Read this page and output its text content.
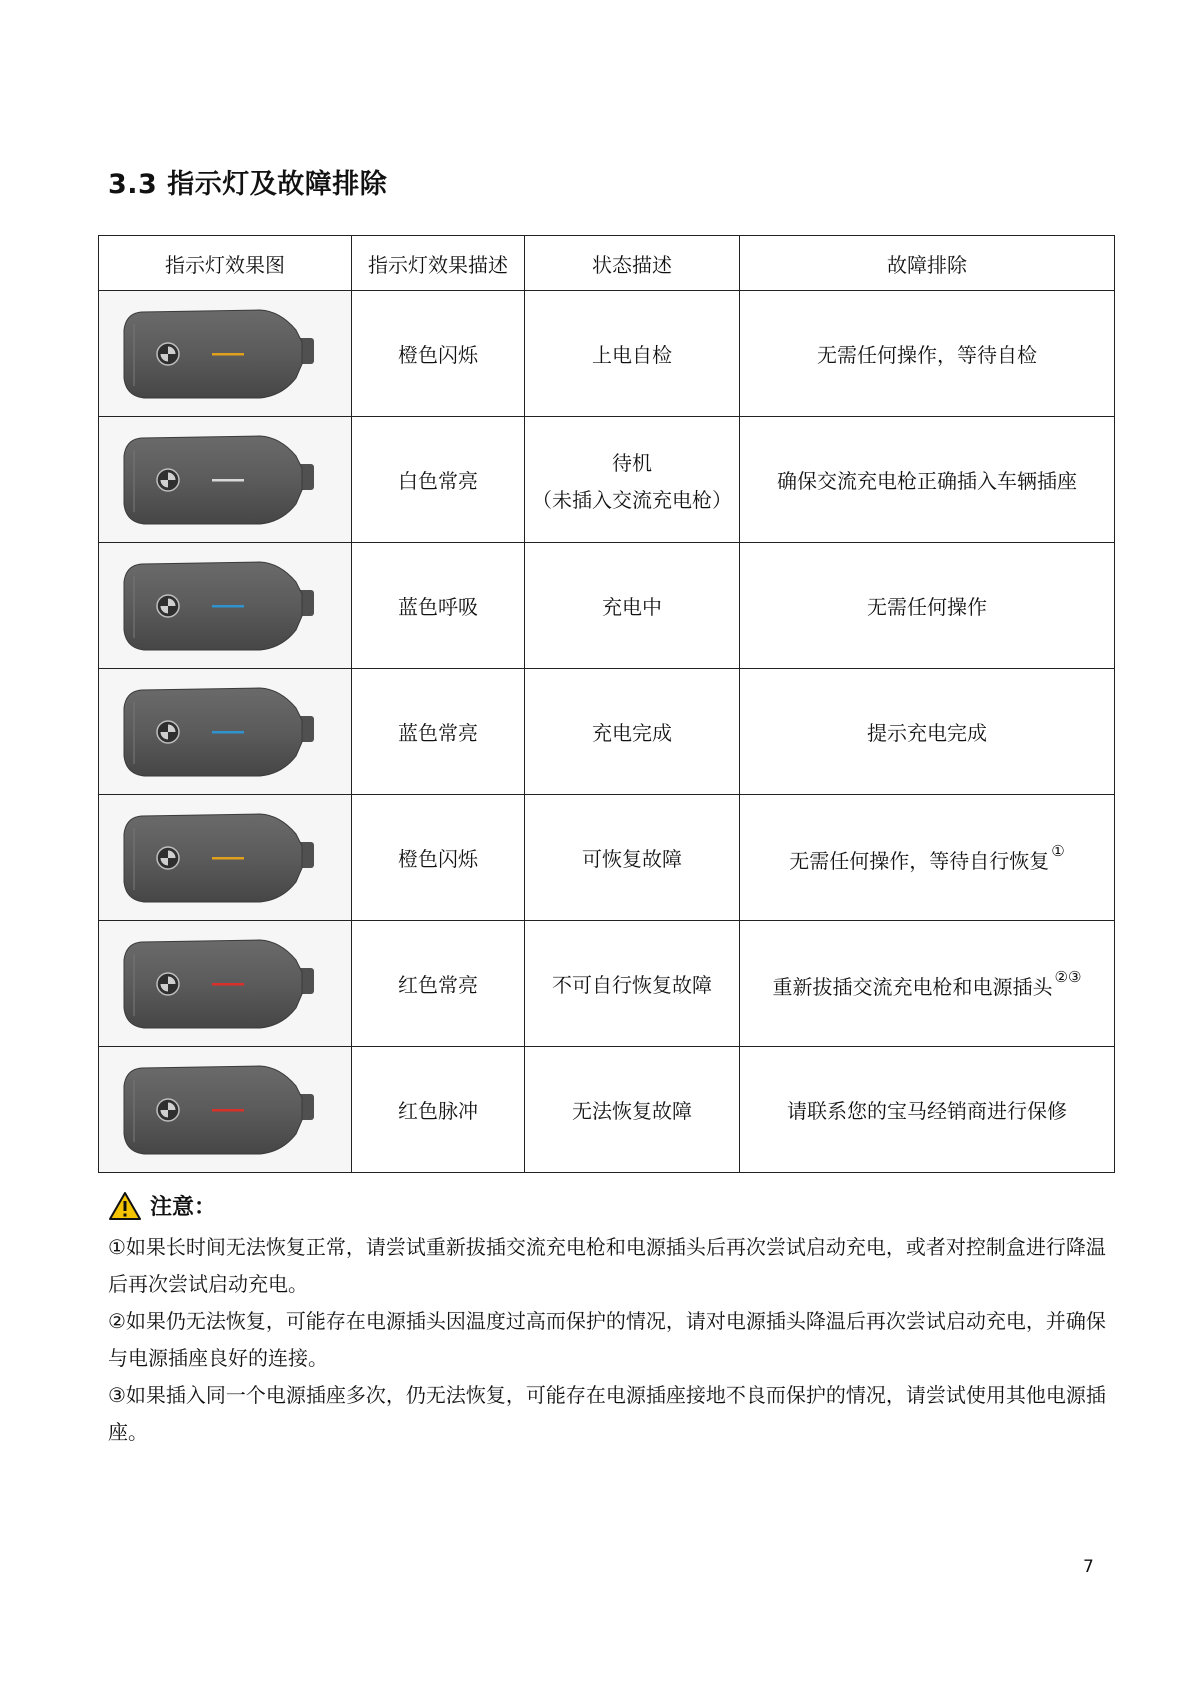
3.3 指示灯及故障排除
指示灯效果图	指示灯效果描述	状态描述	故障排除

	橙色闪烁	上电自检	无需任何操作，等待自检

	白色常亮	待机
（未插入交流充电枪）	确保交流充电枪正确插入车辆插座

	蓝色呼吸	充电中	无需任何操作

	蓝色常亮	充电完成	提示充电完成

	橙色闪烁	可恢复故障	无需任何操作，等待自行恢复 ①

	红色常亮	不可自行恢复故障	重新拔插交流充电枪和电源插头 ②③

	红色脉冲	无法恢复故障	请联系您的宝马经销商进行保修
注意：

①如果长时间无法恢复正常，请尝试重新拔插交流充电枪和电源插头后再次尝试启动充电，或者对控制盒进行降温后再次尝试启动充电。

②如果仍无法恢复，可能存在电源插头因温度过高而保护的情况，请对电源插头降温后再次尝试启动充电，并确保与电源插座良好的连接。

③如果插入同一个电源插座多次，仍无法恢复，可能存在电源插座接地不良而保护的情况，请尝试使用其他电源插座。

7
